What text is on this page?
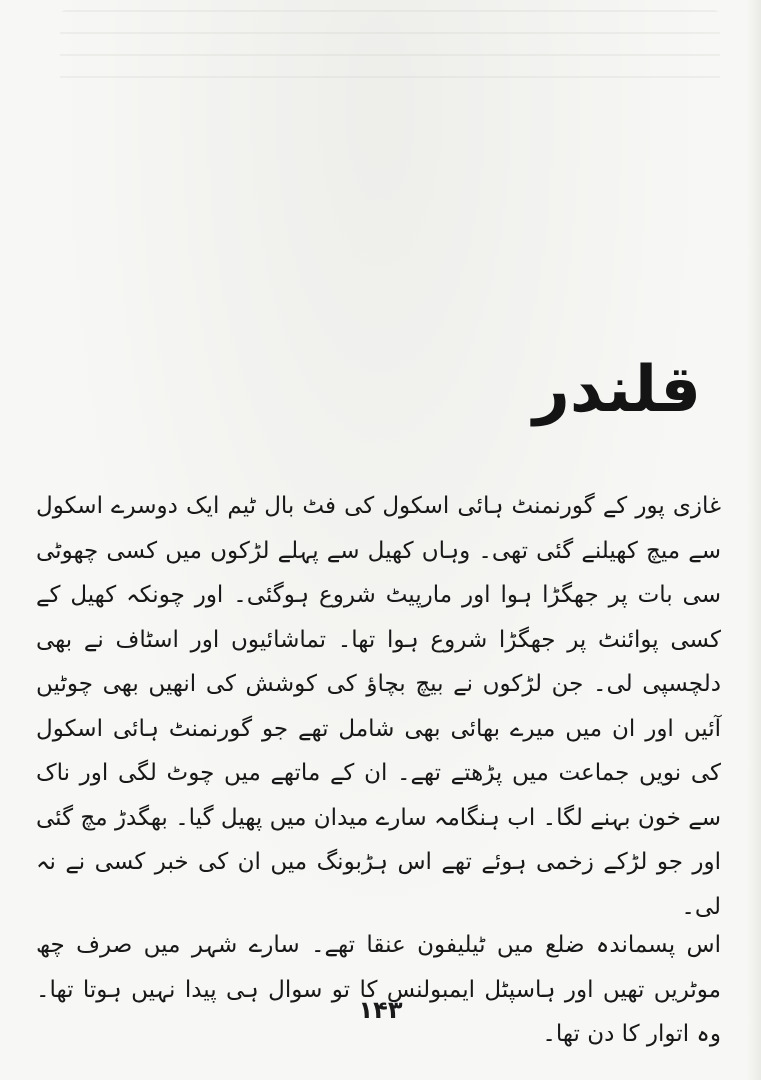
قلندر

غازی پور کے گورنمنٹ ہائی اسکول کی فٹ بال ٹیم ایک دوسرے اسکول سے میچ کھیلنے گئی تھی۔ وہاں کھیل سے پہلے لڑکوں میں کسی چھوٹی سی بات پر جھگڑا ہوا اور مارپیٹ شروع ہوگئی۔ اور چونکہ کھیل کے کسی پوائنٹ پر جھگڑا شروع ہوا تھا۔ تماشائیوں اور اسٹاف نے بھی دلچسپی لی۔ جن لڑکوں نے بیچ بچاؤ کی کوشش کی انھیں بھی چوٹیں آئیں اور ان میں میرے بھائی بھی شامل تھے جو گورنمنٹ ہائی اسکول کی نویں جماعت میں پڑھتے تھے۔ ان کے ماتھے میں چوٹ لگی اور ناک سے خون بہنے لگا۔ اب ہنگامہ سارے میدان میں پھیل گیا۔ بھگدڑ مچ گئی اور جو لڑکے زخمی ہوئے تھے اس ہڑبونگ میں ان کی خبر کسی نے نہ لی۔

اس پسماندہ ضلع میں ٹیلیفون عنقا تھے۔ سارے شہر میں صرف چھ موٹریں تھیں اور ہاسپٹل ایمبولنس کا تو سوال ہی پیدا نہیں ہوتا تھا۔ وہ اتوار کا دن تھا۔

۱۴۳
